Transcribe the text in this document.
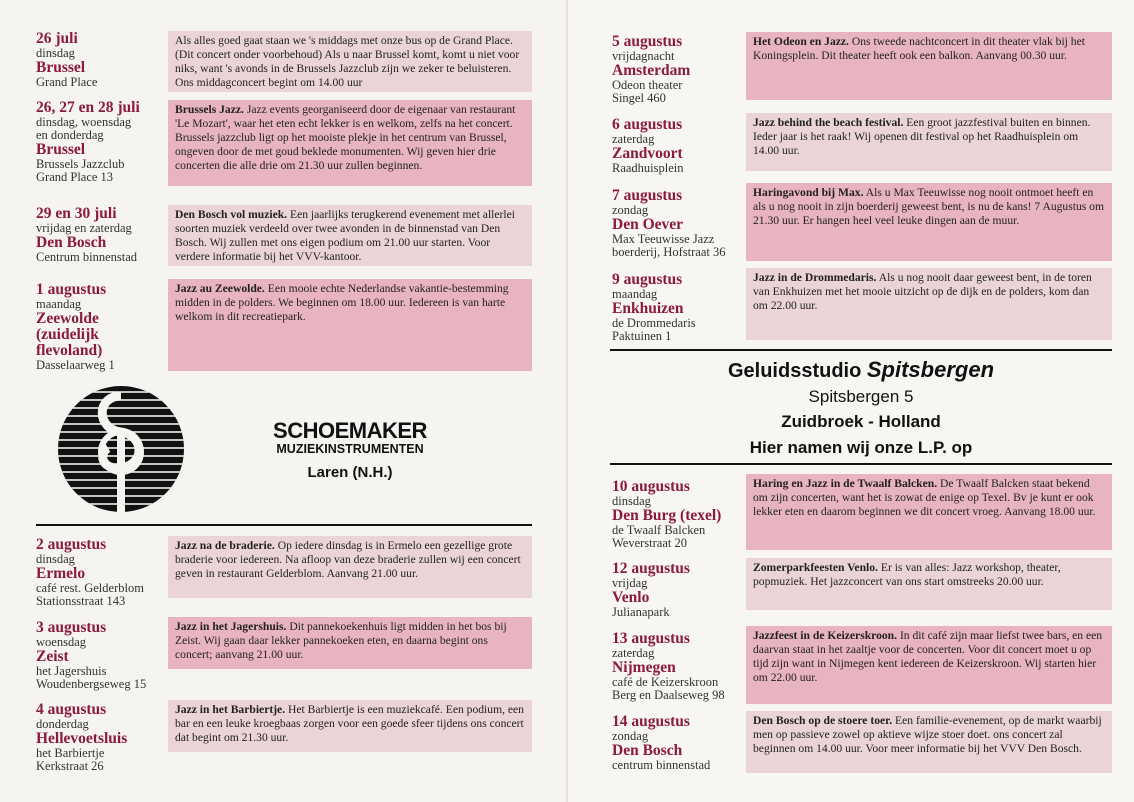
26 juli
dinsdag
Brussel
Grand Place
Als alles goed gaat staan we 's middags met onze bus op de Grand Place. (Dit concert onder voorbehoud) Als u naar Brussel komt, komt u niet voor niks, want 's avonds in de Brussels Jazzclub zijn we zeker te beluisteren. Ons middagconcert begint om 14.00 uur
26, 27 en 28 juli
dinsdag, woensdag en donderdag
Brussel
Brussels Jazzclub
Grand Place 13
Brussels Jazz. Jazz events georganiseerd door de eigenaar van restaurant 'Le Mozart', waar het eten echt lekker is en welkom, zelfs na het concert. Brussels jazzclub ligt op het mooiste plekje in het centrum van Brussel, ongeven door de met goud beklede monumenten. Wij geven hier drie concerten die alle drie om 21.30 uur zullen beginnen.
29 en 30 juli
vrijdag en zaterdag
Den Bosch
Centrum binnenstad
Den Bosch vol muziek. Een jaarlijks terugkerend evenement met allerlei soorten muziek verdeeld over twee avonden in de binnenstad van Den Bosch. Wij zullen met ons eigen podium om 21.00 uur starten. Voor verdere informatie bij het VVV-kantoor.
1 augustus
maandag
Zeewolde (zuidelijk flevoland)
Dasselaarweg 1
Jazz au Zeewolde. Een mooie echte Nederlandse vakantie-bestemming midden in de polders. We beginnen om 18.00 uur. Iedereen is van harte welkom in dit recreatiepark.
SCHOEMAKER
MUZIEKINSTRUMENTEN
Laren (N.H.)
2 augustus
dinsdag
Ermelo
café rest. Gelderblom
Stationsstraat 143
Jazz na de braderie. Op iedere dinsdag is in Ermelo een gezellige grote braderie voor iedereen. Na afloop van deze braderie zullen wij een concert geven in restaurant Gelderblom. Aanvang 21.00 uur.
3 augustus
woensdag
Zeist
het Jagershuis
Woudenbergseweg 15
Jazz in het Jagershuis. Dit pannekoekenhuis ligt midden in het bos bij Zeist. Wij gaan daar lekker pannekoeken eten, en daarna begint ons concert; aanvang 21.00 uur.
4 augustus
donderdag
Hellevoetsluis
het Barbiertje
Kerkstraat 26
Jazz in het Barbiertje. Het Barbiertje is een muziekcafé. Een podium, een bar en een leuke kroegbaas zorgen voor een goede sfeer tijdens ons concert dat begint om 21.30 uur.
5 augustus
vrijdagnacht
Amsterdam
Odeon theater
Singel 460
Het Odeon en Jazz. Ons tweede nachtconcert in dit theater vlak bij het Koningsplein. Dit theater heeft ook een balkon. Aanvang 00.30 uur.
6 augustus
zaterdag
Zandvoort
Raadhuisplein
Jazz behind the beach festival. Een groot jazzfestival buiten en binnen. Ieder jaar is het raak! Wij openen dit festival op het Raadhuisplein om 14.00 uur.
7 augustus
zondag
Den Oever
Max Teeuwisse Jazz
boerderij, Hofstraat 36
Haringavond bij Max. Als u Max Teeuwisse nog nooit ontmoet heeft en als u nog nooit in zijn boerderij geweest bent, is nu de kans! 7 Augustus om 21.30 uur. Er hangen heel veel leuke dingen aan de muur.
9 augustus
maandag
Enkhuizen
de Drommedaris
Paktuinen 1
Jazz in de Drommedaris. Als u nog nooit daar geweest bent, in de toren van Enkhuizen met het mooie uitzicht op de dijk en de polders, kom dan om 22.00 uur.
Geluidsstudio Spitsbergen
Spitsbergen 5
Zuidbroek - Holland
Hier namen wij onze L.P. op
10 augustus
dinsdag
Den Burg (texel)
de Twaalf Balcken
Weverstraat 20
Haring en Jazz in de Twaalf Balcken. De Twaalf Balcken staat bekend om zijn concerten, want het is zowat de enige op Texel. Bv je kunt er ook lekker eten en daarom beginnen we dit concert vroeg. Aanvang 18.00 uur.
12 augustus
vrijdag
Venlo
Julianapark
Zomerparkfeesten Venlo. Er is van alles: Jazz workshop, theater, popmuziek. Het jazzconcert van ons start omstreeks 20.00 uur.
13 augustus
zaterdag
Nijmegen
café de Keizerskroon
Berg en Daalseweg 98
Jazzfeest in de Keizerskroon. In dit café zijn maar liefst twee bars, en een daarvan staat in het zaaltje voor de concerten. Voor dit concert moet u op tijd zijn want in Nijmegen kent iedereen de Keizerskroon. Wij starten hier om 22.00 uur.
14 augustus
zondag
Den Bosch
centrum binnenstad
Den Bosch op de stoere toer. Een familie-evenement, op de markt waarbij men op passieve zowel op aktieve wijze stoer doet. ons concert zal beginnen om 14.00 uur. Voor meer informatie bij het VVV Den Bosch.
